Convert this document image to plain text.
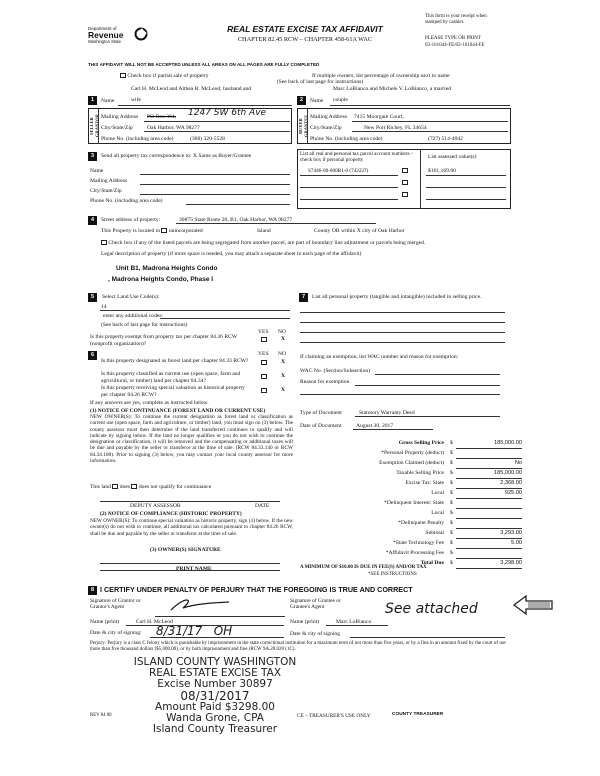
Department of
Revenue
Washington State
REAL ESTATE EXCISE TAX AFFIDAVIT
CHAPTER 82.45 RCW – CHAPTER 458-61A WAC
This form is your receipt when stamped by cashier.
PLEASE TYPE OR PRINT
03-161044-FE/03-161044-FE
THIS AFFIDAVIT WILL NOT BE ACCEPTED UNLESS ALL AREAS ON ALL PAGES ARE FULLY COMPLETED
Check box if partial sale of property	If multiple owners, list percentage of ownership next to name
(See back of last page for instructions)
1	2
Carl H. McLeod and Althea R. McLeod, husband and
Name	wife
Marc LoBianco and Michele V. LoBianco, a married
Name couple
SELLER GRANTOR Mailing Address PO Box 364, 1247 SW 6th Ave
City/State/Zip	Oak Harbor, WA 98277
Phone No. (including area code)	(360) 320-5528
BUYER GRANTEE Mailing Address 7415 Moorgate Court,
City/State/Zip	New Port Richey, FL 34654
Phone No. (including area code)	(727) 514-4042
3	Send all property tax correspondence to: X Same as Buyer/Grantee
Name
Mailing Address
City/State/Zip
Phone No. (including area code)
List all real and personal tax parcel account numbers – check box if personal property
List assessed value(s)
S7446-00-000B1-0 (742227)	$161,169.00
4	Street address of property:	30875 State Route 20, B1, Oak Harbor, WA 98277
This Property is located in unincorporated	Island	County OR within X city of Oak Harbor
Check box if any of the listed parcels are being segregated from another parcel, are part of boundary line adjustment or parcels being merged.
Legal description of property (if more space is needed, you may attach a separate sheet to each page of the affidavit)
Unit B1, Madrona Heights Condo
, Madrona Heights Condo, Phase I
5	Select Land Use Code(s):
14
enter any additional codes:
(See back of last page for instructions)
YES NO
Is this property exempt from property tax per chapter 84.36 RCW (nonprofit organization)?
X
6	YES NO
Is this property designated as forest land per chapter 84.33 RCW?	X
Is this property classified as current use (open space, farm and agricultural, or timber) land per chapter 84.34?
X
Is this property receiving special valuation as historical property per chapter 84.26 RCW?
X
If any answers are yes, complete as instructed below.
(1) NOTICE OF CONTINUANCE (FOREST LAND OR CURRENT USE)
NEW OWNER(S): To continue the current designation as forest land or classification as current use (open space, farm and agriculture, or timber) land, you must sign on (3) below. The county assessor must then determine if the land transferred continues to qualify and will indicate by signing below. If the land no longer qualifies or you do not wish to continue the designation or classification, it will be removed and the compensating or additional taxes will be due and payable by the seller or transferor at the time of sale. (RCW 84.33.140 or RCW 84.34.108). Prior to signing (3) below, you may contact your local county assessor for more information.
This land does does not qualify for continuance
DEPUTY ASSESSOR	DATE
(2) NOTICE OF COMPLIANCE (HISTORIC PROPERTY)
NEW OWNER(S): To continue special valuation as historic property, sign (3) below. If the new owner(s) do not wish to continue, all additional tax calculated pursuant to chapter 84.26 RCW, shall be due and payable by the seller or transferor at the time of sale.
(3) OWNER(S) SIGNATURE
PRINT NAME
7	List all personal property (tangible and intangible) included in selling price.
If claiming an exemption, list WAC number and reason for exemption:
WAC No. (Section/Subsection)
Reason for exemption
Type of Document	Statutory Warranty Deed
Date of Document	August 30, 2017
Gross Selling Price $	185,000.00
*Personal Property (deduct) $
Exemption Claimed (deduct) $	No
Taxable Selling Price $	185,000.00
Excise Tax: State $	2,368.00
Local $	925.00
*Delinquent Interest: State $
Local $
*Delinquent Penalty $
Subtotal $	3,293.00
*State Technology Fee $	5.00
*Affidavit Processing Fee $
Total Due $	3,298.00
A MINIMUM OF $10.00 IS DUE IN FEE(S) AND/OR TAX
*SEE INSTRUCTIONS
8 I CERTIFY UNDER PENALTY OF PERJURY THAT THE FOREGOING IS TRUE AND CORRECT
Signature of Grantor or Grantor's Agent
Signature of Grantee or Grantee's Agent	See attached
Name (print)	Carl H. McLeod	Name (print)	Marc LoBianco
Date & city of signing: 8/31/17   OH	Date & city of signing
Perjury: Perjury is a class C felony which is punishable by imprisonment in the state correctional institution for a maximum term of not more than five years, or by a fine in an amount fixed by the court of not more than five thousand dollars ($5,000.00), or by both imprisonment and fine (RCW 9A.20.020 (1C).
ISLAND COUNTY WASHINGTON
REAL ESTATE EXCISE TAX
Excise Number 30897
08/31/2017
Amount Paid $3298.00
Wanda Grone, CPA
Island County Treasurer
REV 84 00	CE – TREASURER'S USE ONLY	COUNTY TREASURER
